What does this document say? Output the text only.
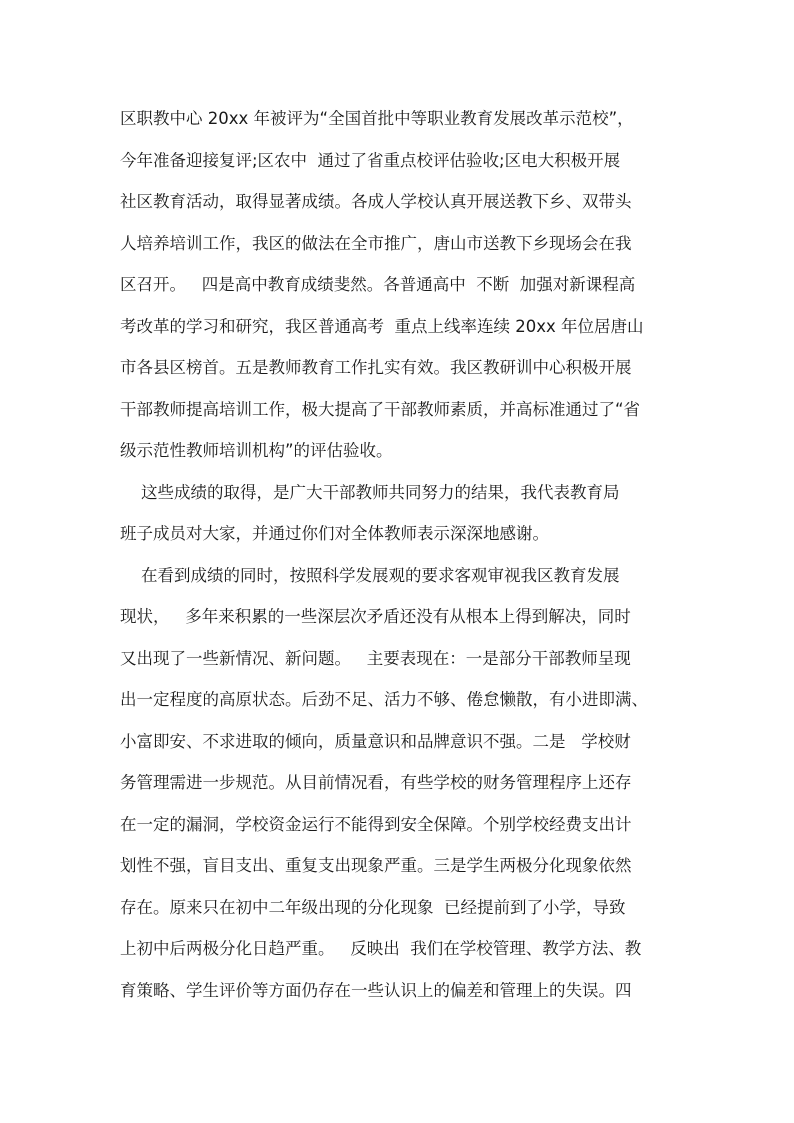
区职教中心 20xx 年被评为“全国首批中等职业教育发展改革示范校”，
今年准备迎接复评;区农中  通过了省重点校评估验收;区电大积极开展
社区教育活动，取得显著成绩。各成人学校认真开展送教下乡、双带头
人培养培训工作，我区的做法在全市推广，唐山市送教下乡现场会在我
区召开。   四是高中教育成绩斐然。各普通高中  不断  加强对新课程高
考改革的学习和研究，我区普通高考  重点上线率连续 20xx 年位居唐山
市各县区榜首。五是教师教育工作扎实有效。我区教研训中心积极开展
干部教师提高培训工作，极大提高了干部教师素质，并高标准通过了“省
级示范性教师培训机构”的评估验收。
这些成绩的取得，是广大干部教师共同努力的结果，我代表教育局
班子成员对大家，并通过你们对全体教师表示深深地感谢。
在看到成绩的同时，按照科学发展观的要求客观审视我区教育发展
现状，   多年来积累的一些深层次矛盾还没有从根本上得到解决，同时
又出现了一些新情况、新问题。   主要表现在：一是部分干部教师呈现
出一定程度的高原状态。后劲不足、活力不够、倦怠懒散，有小进即满、
小富即安、不求进取的倾向，质量意识和品牌意识不强。二是   学校财
务管理需进一步规范。从目前情况看，有些学校的财务管理程序上还存
在一定的漏洞，学校资金运行不能得到安全保障。个别学校经费支出计
划性不强，盲目支出、重复支出现象严重。三是学生两极分化现象依然
存在。原来只在初中二年级出现的分化现象  已经提前到了小学，导致
上初中后两极分化日趋严重。   反映出  我们在学校管理、教学方法、教
育策略、学生评价等方面仍存在一些认识上的偏差和管理上的失误。四
